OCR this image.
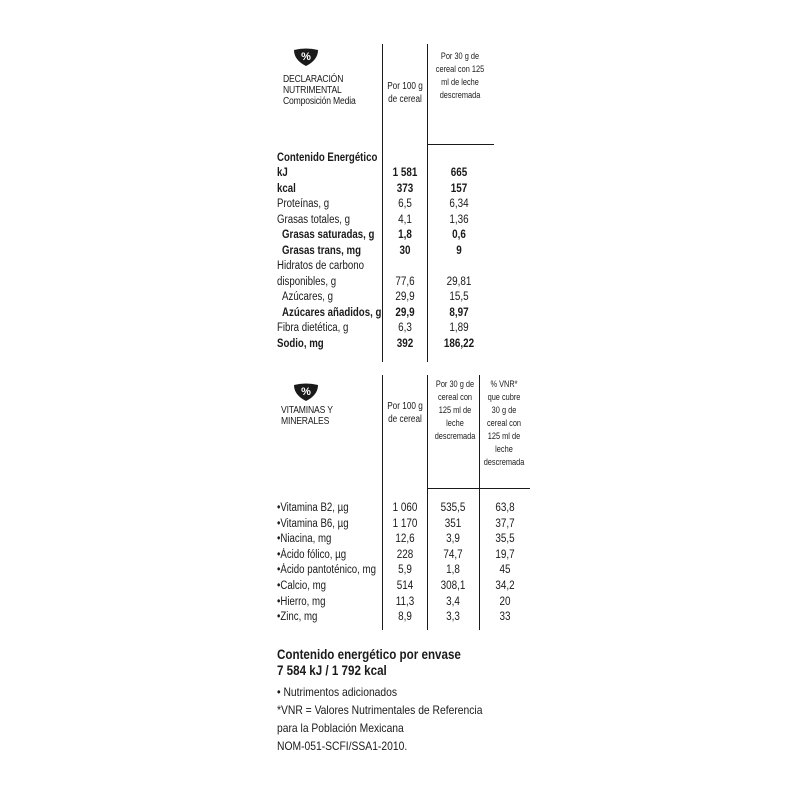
%
DECLARACIÓN
NUTRIMENTAL
Composición Media
Por 100 g de cereal
Por 30 g de cereal con 125 ml de leche descremada
Contenido Energético
kJ	1 581	665
kcal	373	157
Proteínas, g	6,5	6,34
Grasas totales, g	4,1	1,36
Grasas saturadas, g	1,8	0,6
Grasas trans, mg	30	9
Hidratos de carbono
disponibles, g	77,6	29,81
Azúcares, g	29,9	15,5
Azúcares añadidos, g	29,9	8,97
Fibra dietética, g	6,3	1,89
Sodio, mg	392	186,22
%
VITAMINAS Y
MINERALES
Por 100 g de cereal
Por 30 g de cereal con 125 ml de leche descremada
% VNR* que cubre 30 g de cereal con 125 ml de leche descremada
•Vitamina B2, µg	1 060	535,5	63,8
•Vitamina B6, µg	1 170	351	37,7
•Niacina, mg	12,6	3,9	35,5
•Ácido fólico, µg	228	74,7	19,7
•Ácido pantoténico, mg	5,9	1,8	45
•Calcio, mg	514	308,1	34,2
•Hierro, mg	11,3	3,4	20
•Zinc, mg	8,9	3,3	33
Contenido energético por envase
7 584 kJ / 1 792 kcal
• Nutrimentos adicionados
*VNR = Valores Nutrimentales de Referencia
para la Población Mexicana
NOM-051-SCFI/SSA1-2010.
